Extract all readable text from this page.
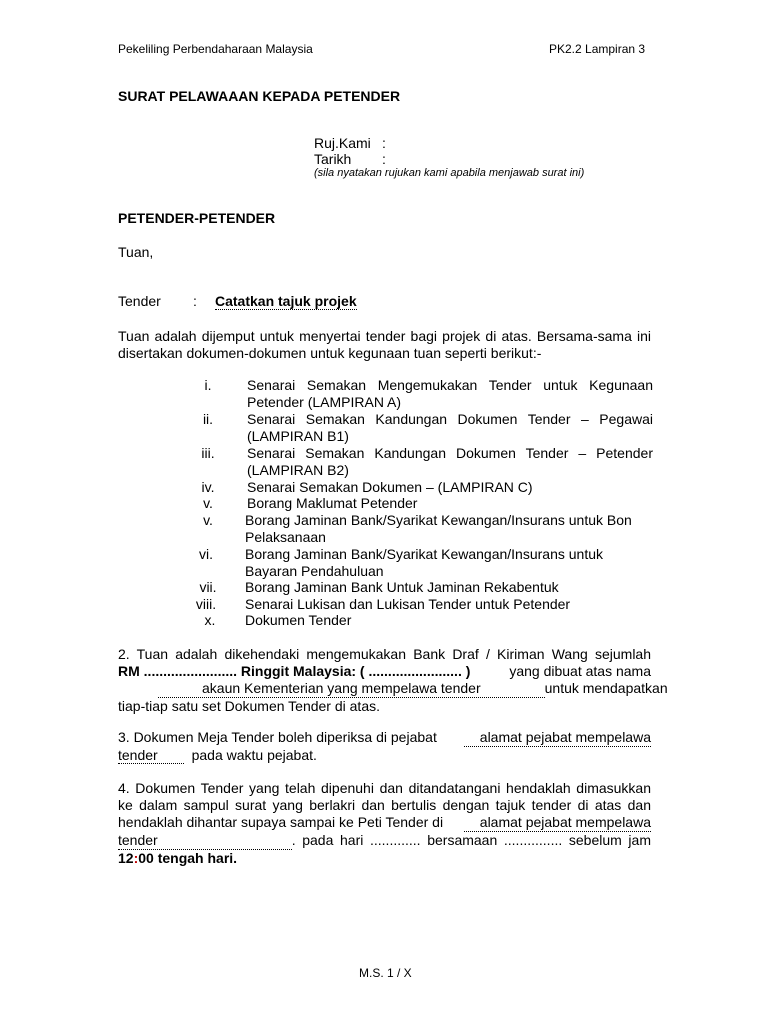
Pekeliling Perbendaharaan Malaysia	PK2.2 Lampiran 3
SURAT PELAWAAAN KEPADA PETENDER
Ruj.Kami :
Tarikh :
(sila nyatakan rujukan kami apabila menjawab surat ini)
PETENDER-PETENDER
Tuan,
Tender : Catatkan tajuk projek
Tuan adalah dijemput untuk menyertai tender bagi projek di atas. Bersama-sama ini
disertakan dokumen-dokumen untuk kegunaan tuan seperti berikut:-
i.	Senarai Semakan Mengemukakan Tender untuk Kegunaan
Petender (LAMPIRAN A)
ii.	Senarai Semakan Kandungan Dokumen Tender – Pegawai
(LAMPIRAN B1)
iii.	Senarai Semakan Kandungan Dokumen Tender – Petender
(LAMPIRAN B2)
iv.	Senarai Semakan Dokumen – (LAMPIRAN C)
v.	Borang Maklumat Petender
v.	Borang Jaminan Bank/Syarikat Kewangan/Insurans untuk Bon
Pelaksanaan
vi.	Borang Jaminan Bank/Syarikat Kewangan/Insurans untuk
Bayaran Pendahuluan
vii. Borang Jaminan Bank Untuk Jaminan Rekabentuk
viii. Senarai Lukisan dan Lukisan Tender untuk Petender
x.	Dokumen Tender
2. Tuan adalah dikehendaki mengemukakan Bank Draf / Kiriman Wang sejumlah
RM ........................ Ringgit Malaysia: ( ........................ )	yang dibuat atas nama
akaun Kementerian yang mempelawa tender	untuk mendapatkan
tiap-tiap satu set Dokumen Tender di atas.
3. Dokumen Meja Tender boleh diperiksa di pejabat	alamat pejabat mempelawa
tender pada waktu pejabat.
4. Dokumen Tender yang telah dipenuhi dan ditandatangani hendaklah dimasukkan
ke dalam sampul surat yang berlakri dan bertulis dengan tajuk tender di atas dan
hendaklah dihantar supaya sampai ke Peti Tender di	alamat pejabat mempelawa
tender	. pada hari ............. bersamaan ............... sebelum jam
12:00 tengah hari.
M.S. 1 / X
